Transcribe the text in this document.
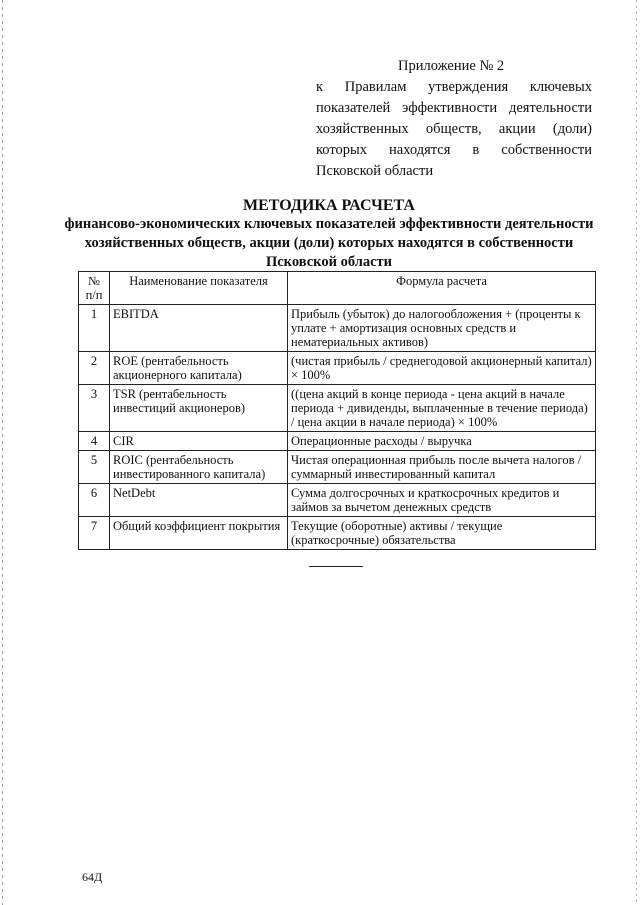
Приложение № 2
к Правилам утверждения ключевых показателей эффективности деятельности хозяйственных обществ, акции (доли) которых находятся в собственности Псковской области
МЕТОДИКА РАСЧЕТА
финансово-экономических ключевых показателей эффективности деятельности хозяйственных обществ, акции (доли) которых находятся в собственности Псковской области
№ п/п	Наименование показателя	Формула расчета
1	EBITDA	Прибыль (убыток) до налогообложения + (проценты к уплате + амортизация основных средств и нематериальных активов)
2	ROE (рентабельность акционерного капитала)	(чистая прибыль / среднегодовой акционерный капитал) × 100%
3	TSR (рентабельность инвестиций акционеров)	((цена акций в конце периода - цена акций в начале периода + дивиденды, выплаченные в течение периода) / цена акции в начале периода) × 100%
4	CIR	Операционные расходы / выручка
5	ROIC (рентабельность инвестированного капитала)	Чистая операционная прибыль после вычета налогов / суммарный инвестированный капитал
6	NetDebt	Сумма долгосрочных и краткосрочных кредитов и займов за вычетом денежных средств
7	Общий коэффициент покрытия	Текущие (оборотные) активы / текущие (краткосрочные) обязательства
64Д
